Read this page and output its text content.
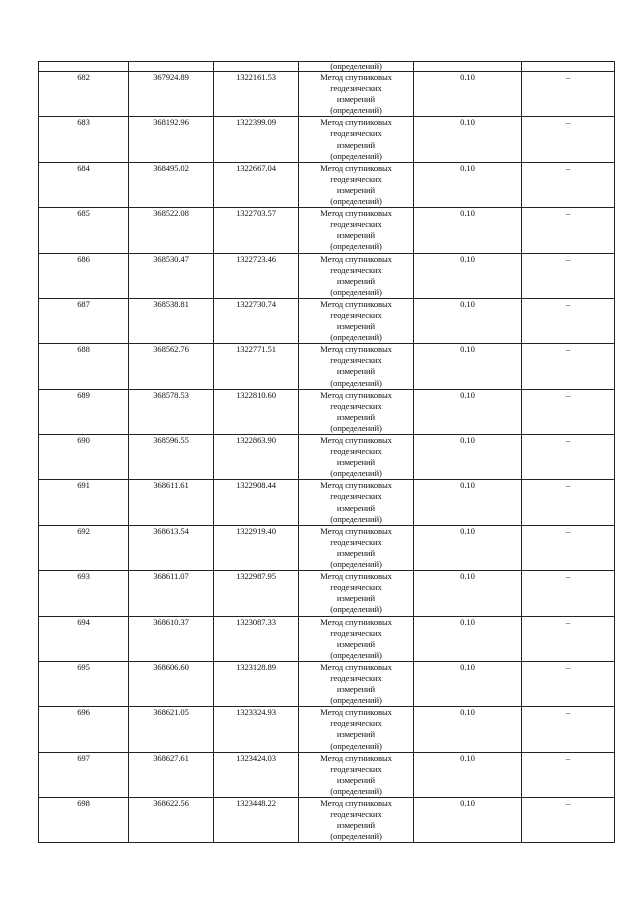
			(определений)		
682	367924.89	1322161.53	Метод спутниковых
геодезических
измерений
(определений)	0.10	–
683	368192.96	1322399.09	Метод спутниковых
геодезических
измерений
(определений)	0.10	–
684	368495.02	1322667.04	Метод спутниковых
геодезических
измерений
(определений)	0.10	–
685	368522.08	1322703.57	Метод спутниковых
геодезических
измерений
(определений)	0.10	–
686	368530.47	1322723.46	Метод спутниковых
геодезических
измерений
(определений)	0.10	–
687	368538.81	1322730.74	Метод спутниковых
геодезических
измерений
(определений)	0.10	–
688	368562.76	1322771.51	Метод спутниковых
геодезических
измерений
(определений)	0.10	–
689	368578.53	1322810.60	Метод спутниковых
геодезических
измерений
(определений)	0.10	–
690	368596.55	1322863.90	Метод спутниковых
геодезических
измерений
(определений)	0.10	–
691	368611.61	1322908.44	Метод спутниковых
геодезических
измерений
(определений)	0.10	–
692	368613.54	1322919.40	Метод спутниковых
геодезических
измерений
(определений)	0.10	–
693	368611.07	1322987.95	Метод спутниковых
геодезических
измерений
(определений)	0.10	–
694	368610.37	1323087.33	Метод спутниковых
геодезических
измерений
(определений)	0.10	–
695	368606.60	1323128.89	Метод спутниковых
геодезических
измерений
(определений)	0.10	–
696	368621.05	1323324.93	Метод спутниковых
геодезических
измерений
(определений)	0.10	–
697	368627.61	1323424.03	Метод спутниковых
геодезических
измерений
(определений)	0.10	–
698	368622.56	1323448.22	Метод спутниковых
геодезических
измерений
(определений)	0.10	–
